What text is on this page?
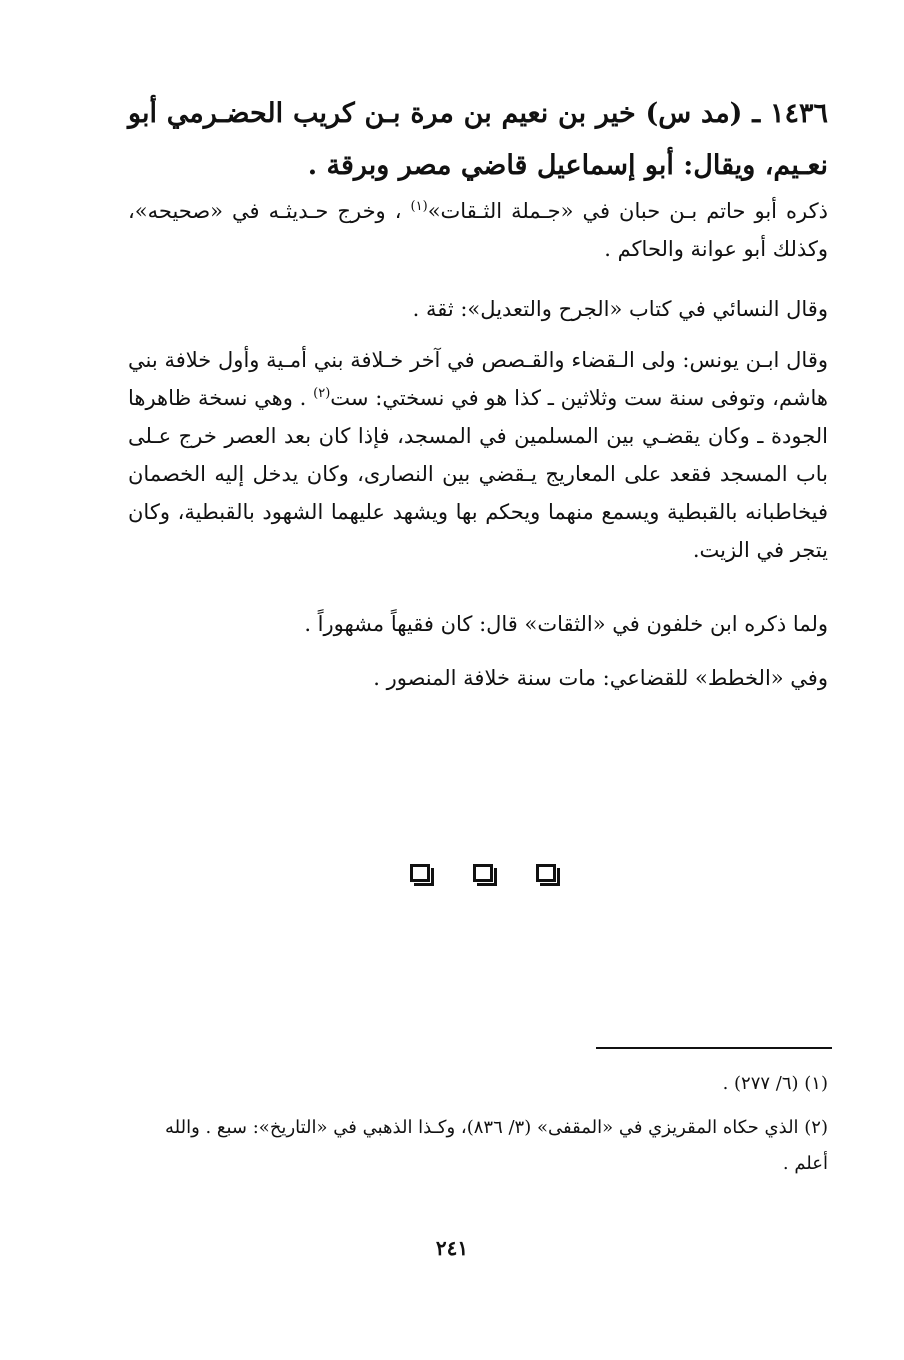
١٤٣٦ ـ (مد س) خير بن نعيم بن مرة بـن كريب الحضـرمي أبو نعـيم، ويقال: أبو إسماعيل قاضي مصر وبرقة .
ذكره أبو حاتم بـن حبان في «جـملة الثـقات»$^{(١)}$ ، وخرج حـديثـه في «صحيحه»، وكذلك أبو عوانة والحاكم .
وقال النسائي في كتاب «الجرح والتعديل»: ثقة .
وقال ابـن يونس: ولى الـقضاء والقـصص في آخر خـلافة بني أمـية وأول خلافة بني هاشم، وتوفى سنة ست وثلاثين ـ كذا هو في نسختي: ست$^{(٢)}$ . وهي نسخة ظاهرها الجودة ـ وكان يقضـي بين المسلمين في المسجد، فإذا كان بعد العصر خرج عـلى باب المسجد فقعد على المعاريج يـقضي بين النصارى، وكان يدخل إليه الخصمان فيخاطبانه بالقبطية ويسمع منهما ويحكم بها ويشهد عليهما الشهود بالقبطية، وكان يتجر في الزيت.
ولما ذكره ابن خلفون في «الثقات» قال: كان فقيهاً مشهوراً .
وفي «الخطط» للقضاعي: مات سنة خلافة المنصور .
(١) (٦/ ٢٧٧) .
(٢) الذي حكاه المقريزي في «المقفى» (٣/ ٨٣٦)، وكـذا الذهبي في «التاريخ»: سبع . والله أعلم .
٢٤١
